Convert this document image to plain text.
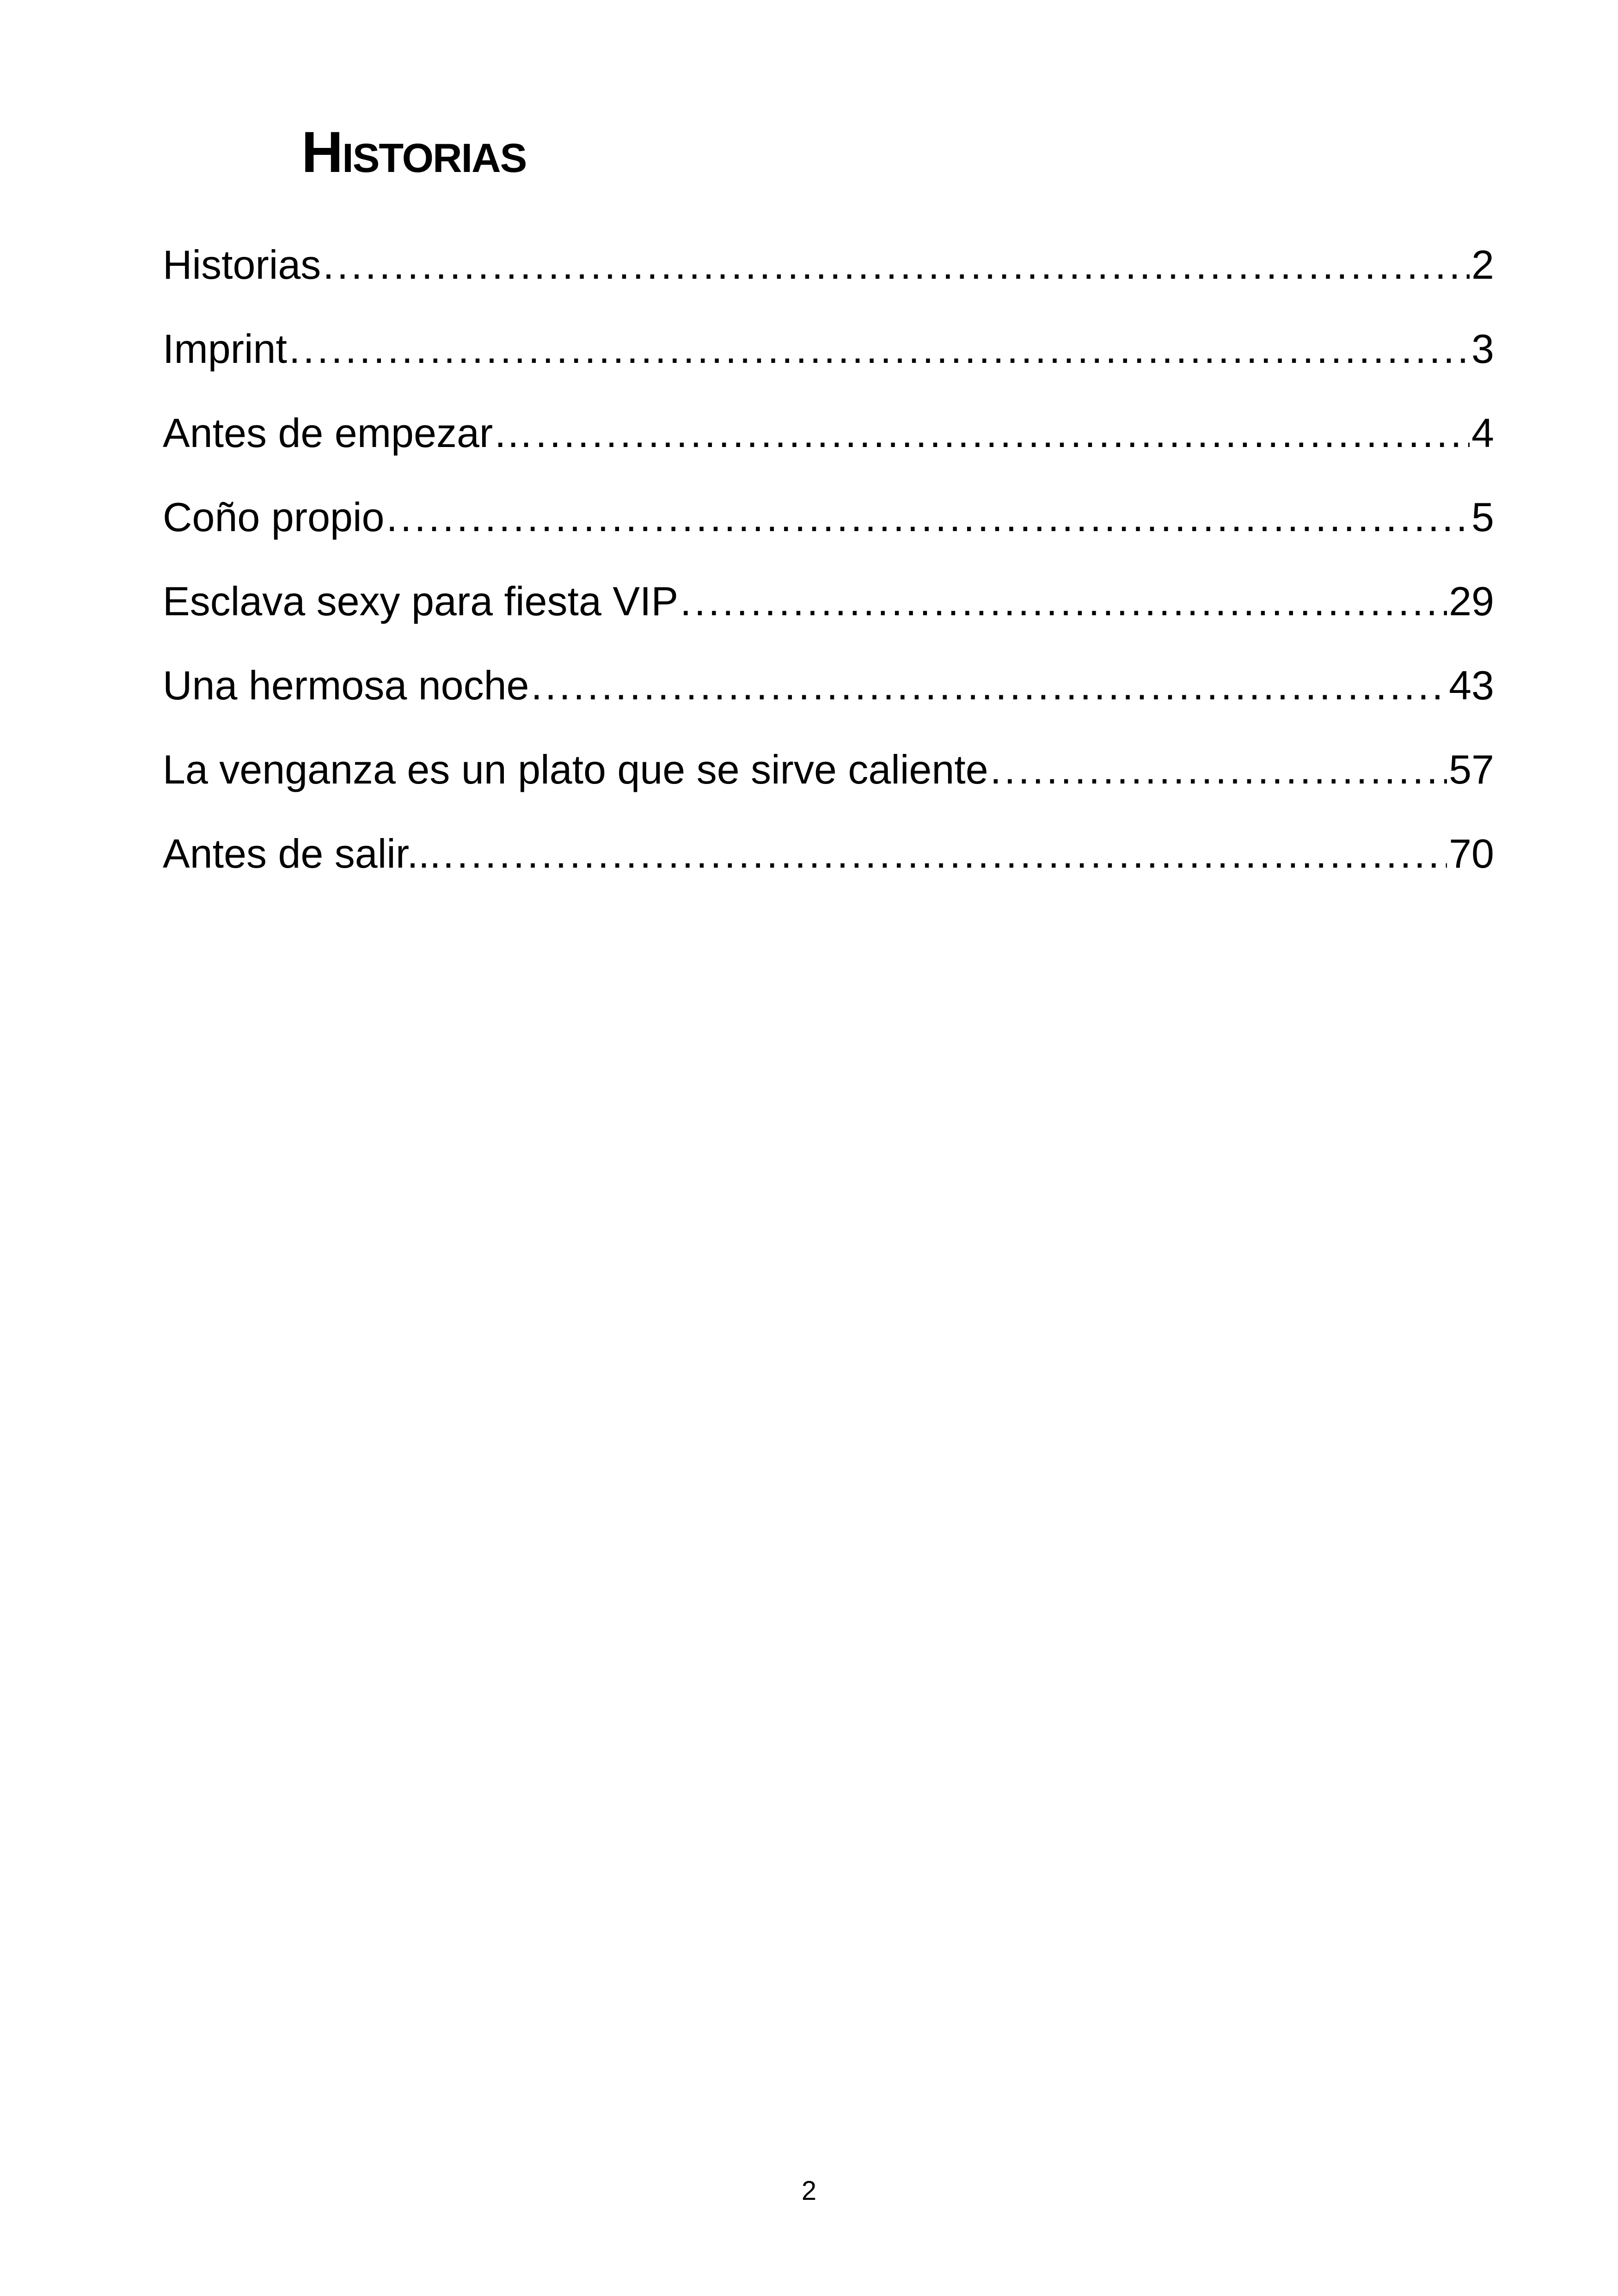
Historias
Historias .....	2
Imprint .....	3
Antes de empezar… .....	4
Coño propio .....	5
Esclava sexy para fiesta VIP .....	29
Una hermosa noche .....	43
La venganza es un plato que se sirve caliente .....	57
Antes de salir... .....	70
2
